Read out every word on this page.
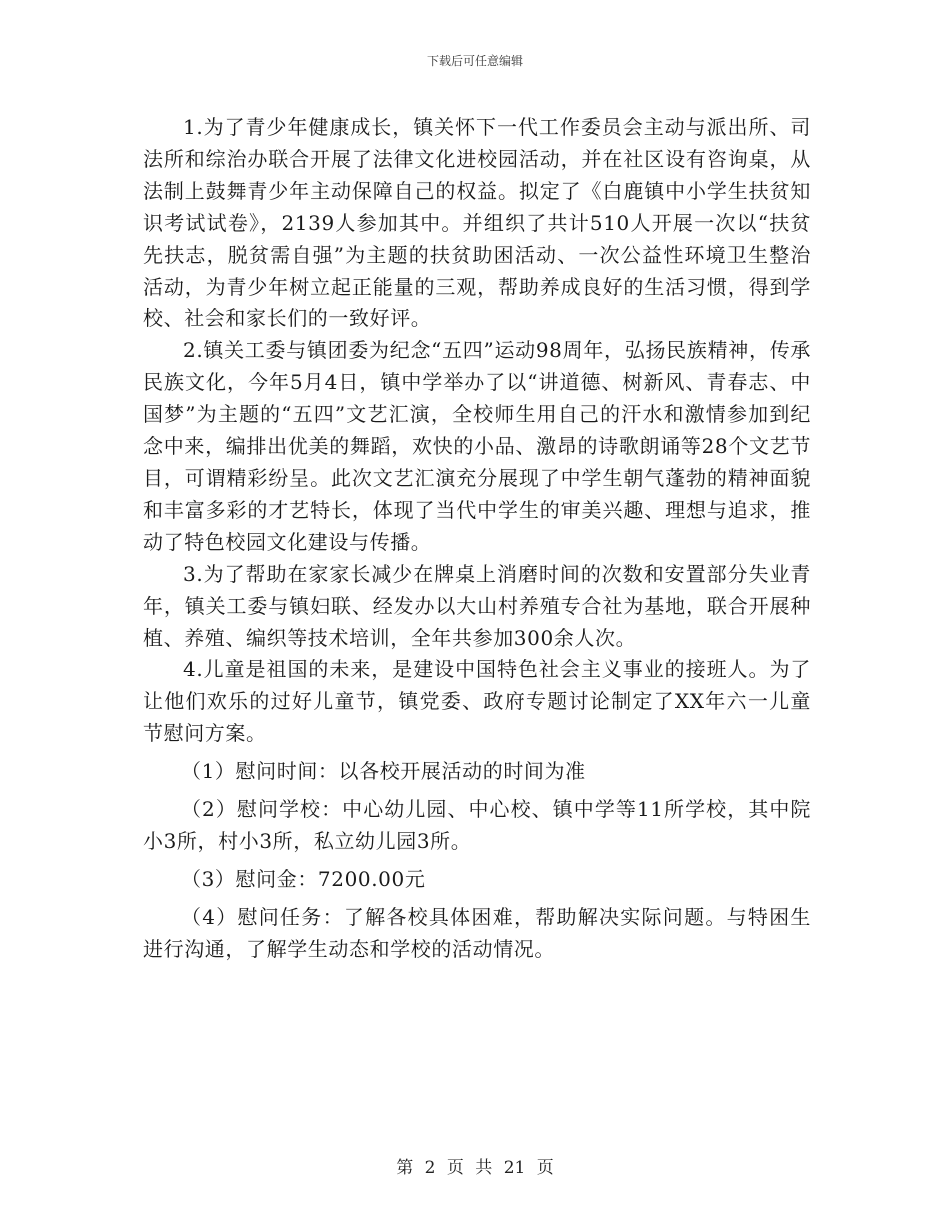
下载后可任意编辑

1.为了青少年健康成长，镇关怀下一代工作委员会主动与派出所、司法所和综治办联合开展了法律文化进校园活动，并在社区设有咨询桌，从法制上鼓舞青少年主动保障自己的权益。拟定了《白鹿镇中小学生扶贫知识考试试卷》，2139人参加其中。并组织了共计510人开展一次以“扶贫先扶志，脱贫需自强”为主题的扶贫助困活动、一次公益性环境卫生整治活动，为青少年树立起正能量的三观，帮助养成良好的生活习惯，得到学校、社会和家长们的一致好评。

2.镇关工委与镇团委为纪念“五四”运动98周年，弘扬民族精神，传承民族文化，今年5月4日，镇中学举办了以“讲道德、树新风、青春志、中国梦”为主题的“五四”文艺汇演，全校师生用自己的汗水和激情参加到纪念中来，编排出优美的舞蹈，欢快的小品、激昂的诗歌朗诵等28个文艺节目，可谓精彩纷呈。此次文艺汇演充分展现了中学生朝气蓬勃的精神面貌和丰富多彩的才艺特长，体现了当代中学生的审美兴趣、理想与追求，推动了特色校园文化建设与传播。

3.为了帮助在家家长减少在牌桌上消磨时间的次数和安置部分失业青年，镇关工委与镇妇联、经发办以大山村养殖专合社为基地，联合开展种植、养殖、编织等技术培训，全年共参加300余人次。

4.儿童是祖国的未来，是建设中国特色社会主义事业的接班人。为了让他们欢乐的过好儿童节，镇党委、政府专题讨论制定了XX年六一儿童节慰问方案。

（1）慰问时间：以各校开展活动的时间为准

（2）慰问学校：中心幼儿园、中心校、镇中学等11所学校，其中院小3所，村小3所，私立幼儿园3所。

（3）慰问金：7200.00元

（4）慰问任务：了解各校具体困难，帮助解决实际问题。与特困生进行沟通，了解学生动态和学校的活动情况。

第 2 页 共 21 页
